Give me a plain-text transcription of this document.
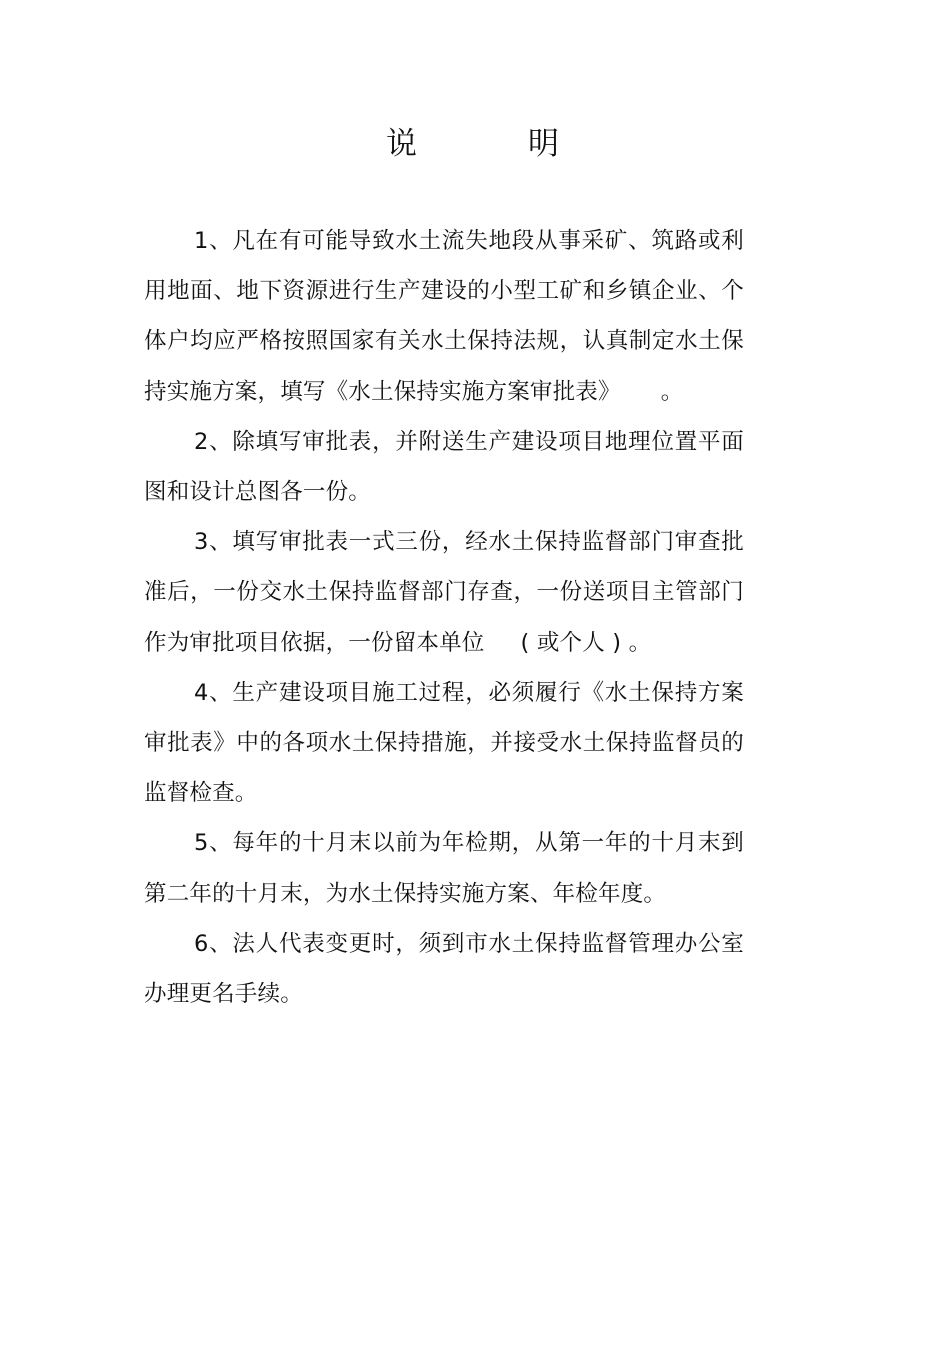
说	明

1、凡在有可能导致水土流失地段从事采矿、筑路或利用地面、地下资源进行生产建设的小型工矿和乡镇企业、个体户均应严格按照国家有关水土保持法规，认真制定水土保持实施方案，填写《水土保持实施方案审批表》 。

2、除填写审批表，并附送生产建设项目地理位置平面图和设计总图各一份。

3、填写审批表一式三份，经水土保持监督部门审查批准后，一份交水土保持监督部门存查，一份送项目主管部门作为审批项目依据，一份留本单位 ( 或个人 ) 。

4、生产建设项目施工过程，必须履行《水土保持方案审批表》中的各项水土保持措施，并接受水土保持监督员的监督检查。

5、每年的十月末以前为年检期，从第一年的十月末到第二年的十月末，为水土保持实施方案、年检年度。

6、法人代表变更时，须到市水土保持监督管理办公室办理更名手续。
